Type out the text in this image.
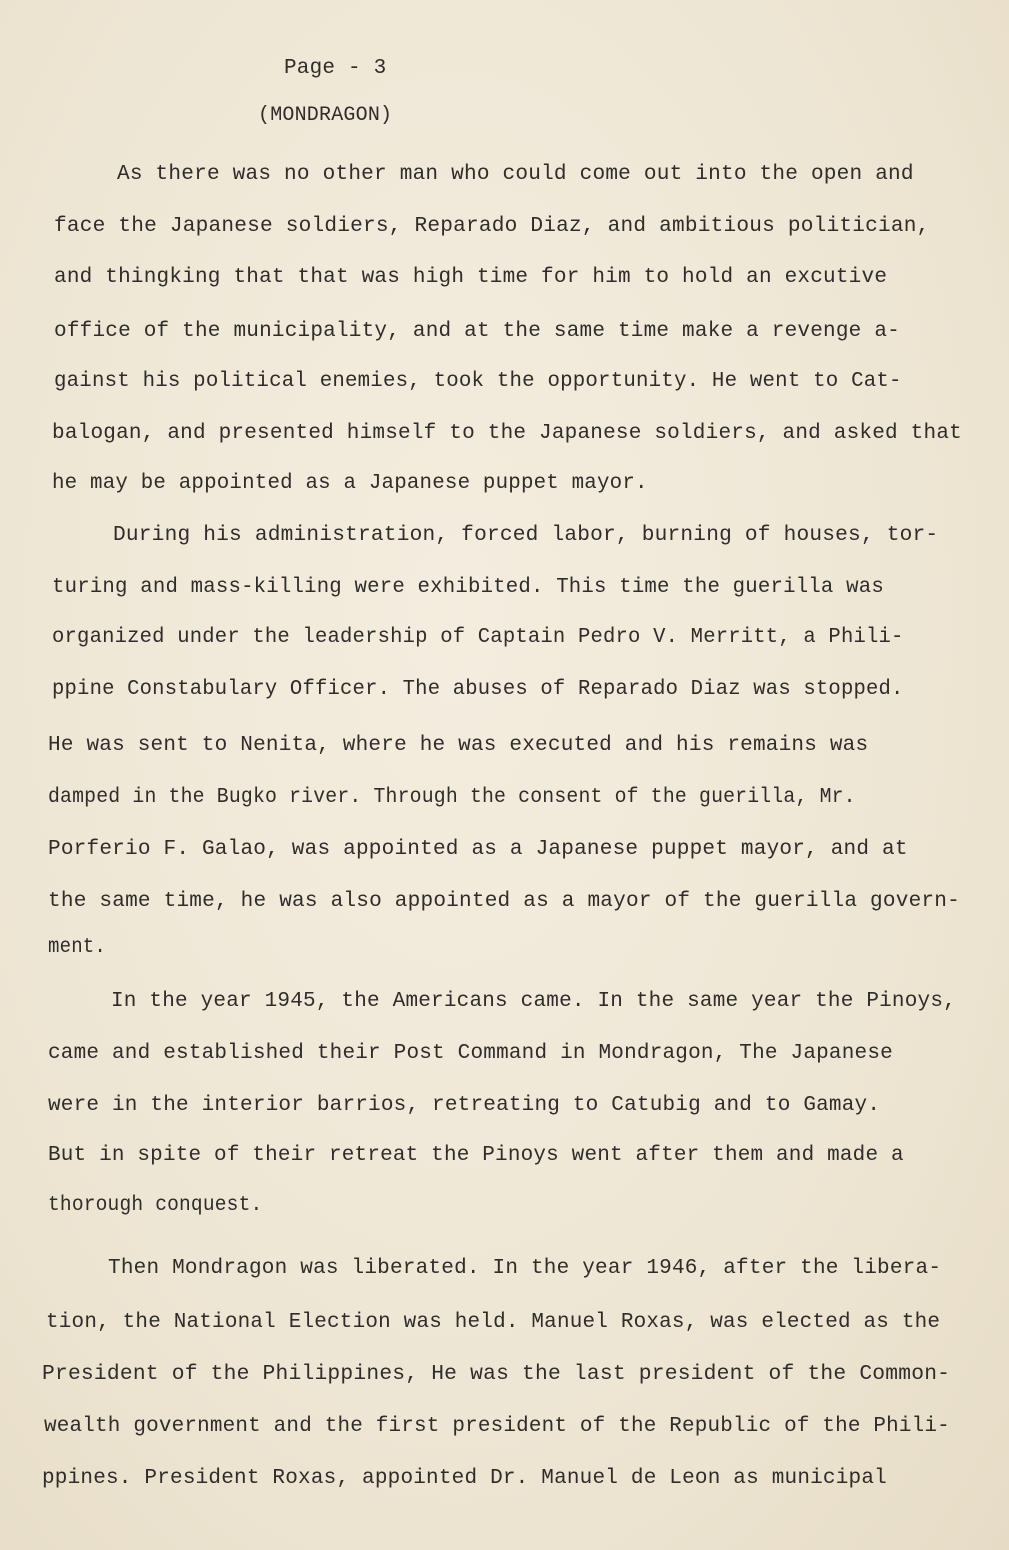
Page - 3
(MONDRAGON)
As there was no other man who could come out into the open and
face the Japanese soldiers, Reparado Diaz, and ambitious politician,
and thingking that that was high time for him to hold an excutive
office of the municipality, and at the same time make a revenge a-
gainst his political enemies, took the opportunity. He went to Cat-
balogan, and presented himself to the Japanese soldiers, and asked that
he may be appointed as a Japanese puppet mayor.
During his administration, forced labor, burning of houses, tor-
turing and mass-killing were exhibited. This time the guerilla was
organized under the leadership of Captain Pedro V. Merritt, a Phili-
ppine Constabulary Officer. The abuses of Reparado Diaz was stopped.
He was sent to Nenita, where he was executed and his remains was
damped in the Bugko river. Through the consent of the guerilla, Mr.
Porferio F. Galao, was appointed as a Japanese puppet mayor, and at
the same time, he was also appointed as a mayor of the guerilla govern-
ment.
In the year 1945, the Americans came. In the same year the Pinoys,
came and established their Post Command in Mondragon, The Japanese
were in the interior barrios, retreating to Catubig and to Gamay.
But in spite of their retreat the Pinoys went after them and made a
thorough conquest.
Then Mondragon was liberated. In the year 1946, after the libera-
tion, the National Election was held. Manuel Roxas, was elected as the
President of the Philippines, He was the last president of the Common-
wealth government and the first president of the Republic of the Phili-
ppines. President Roxas, appointed Dr. Manuel de Leon as municipal
